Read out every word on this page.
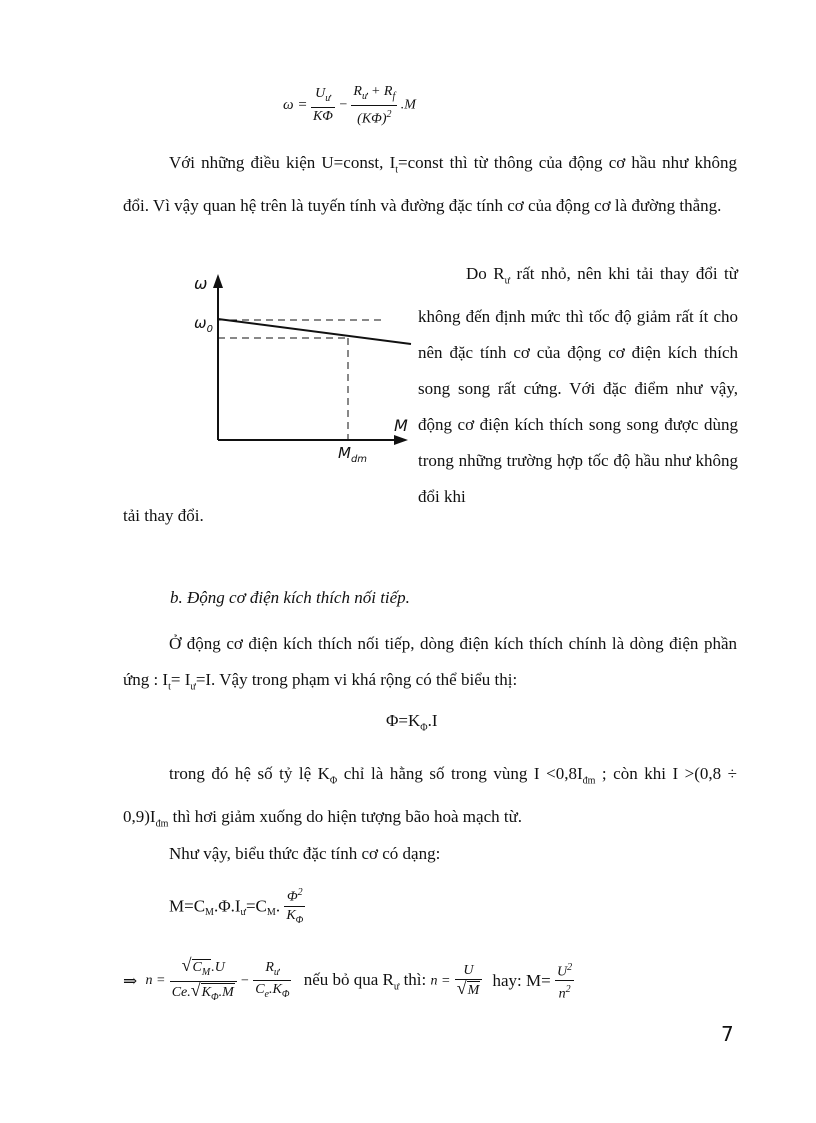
$\omega = \frac{U_ư}{K\Phi} - \frac{R_ư + R_f}{(K\Phi)^2} .M$
Với những điều kiện U=const, $I_t=const$ thì từ thông của động cơ hầu như không đổi. Vì vậy quan hệ trên là tuyến tính và đường đặc tính cơ của động cơ là đường thẳng.
ω
$\omega_0$
M
$M_{dm}$
Do $R_ư$ rất nhỏ, nên khi tải thay đổi từ không đến định mức thì tốc độ giảm rất ít cho nên đặc tính cơ của động cơ điện kích thích song song rất cứng. Với đặc điểm như vậy, động cơ điện kích thích song song được dùng trong những trường hợp tốc độ hầu như không đổi khi
tải thay đổi.
b. Động cơ điện kích thích nối tiếp.
Ở động cơ điện kích thích nối tiếp, dòng điện kích thích chính là dòng điện phần ứng : $I_t= I_ư=I$. Vậy trong phạm vi khá rộng có thể biểu thị:
$\Phi=K_\Phi.I$
trong đó hệ số tỷ lệ $K_\Phi$ chỉ là hằng số trong vùng $I <0,8I_{đm}$ ; còn khi $I >(0,8 \div 0,9)I_{đm}$ thì hơi giảm xuống do hiện tượng bão hoà mạch từ.
Như vậy, biểu thức đặc tính cơ có dạng:
$M=C_M.\Phi.I_ư=C_M$. $\frac{\Phi^2}{K_\Phi}$
⇒ $n = \frac{√C_M.U}{Ce.√K_\Phi.M} - \frac{R_ư}{C_e.K_\Phi}$ nếu bỏ qua $R_ư$ thì: $n = \frac{U}{√M}$ hay: $M= \frac{U^2}{n^2}$
7
